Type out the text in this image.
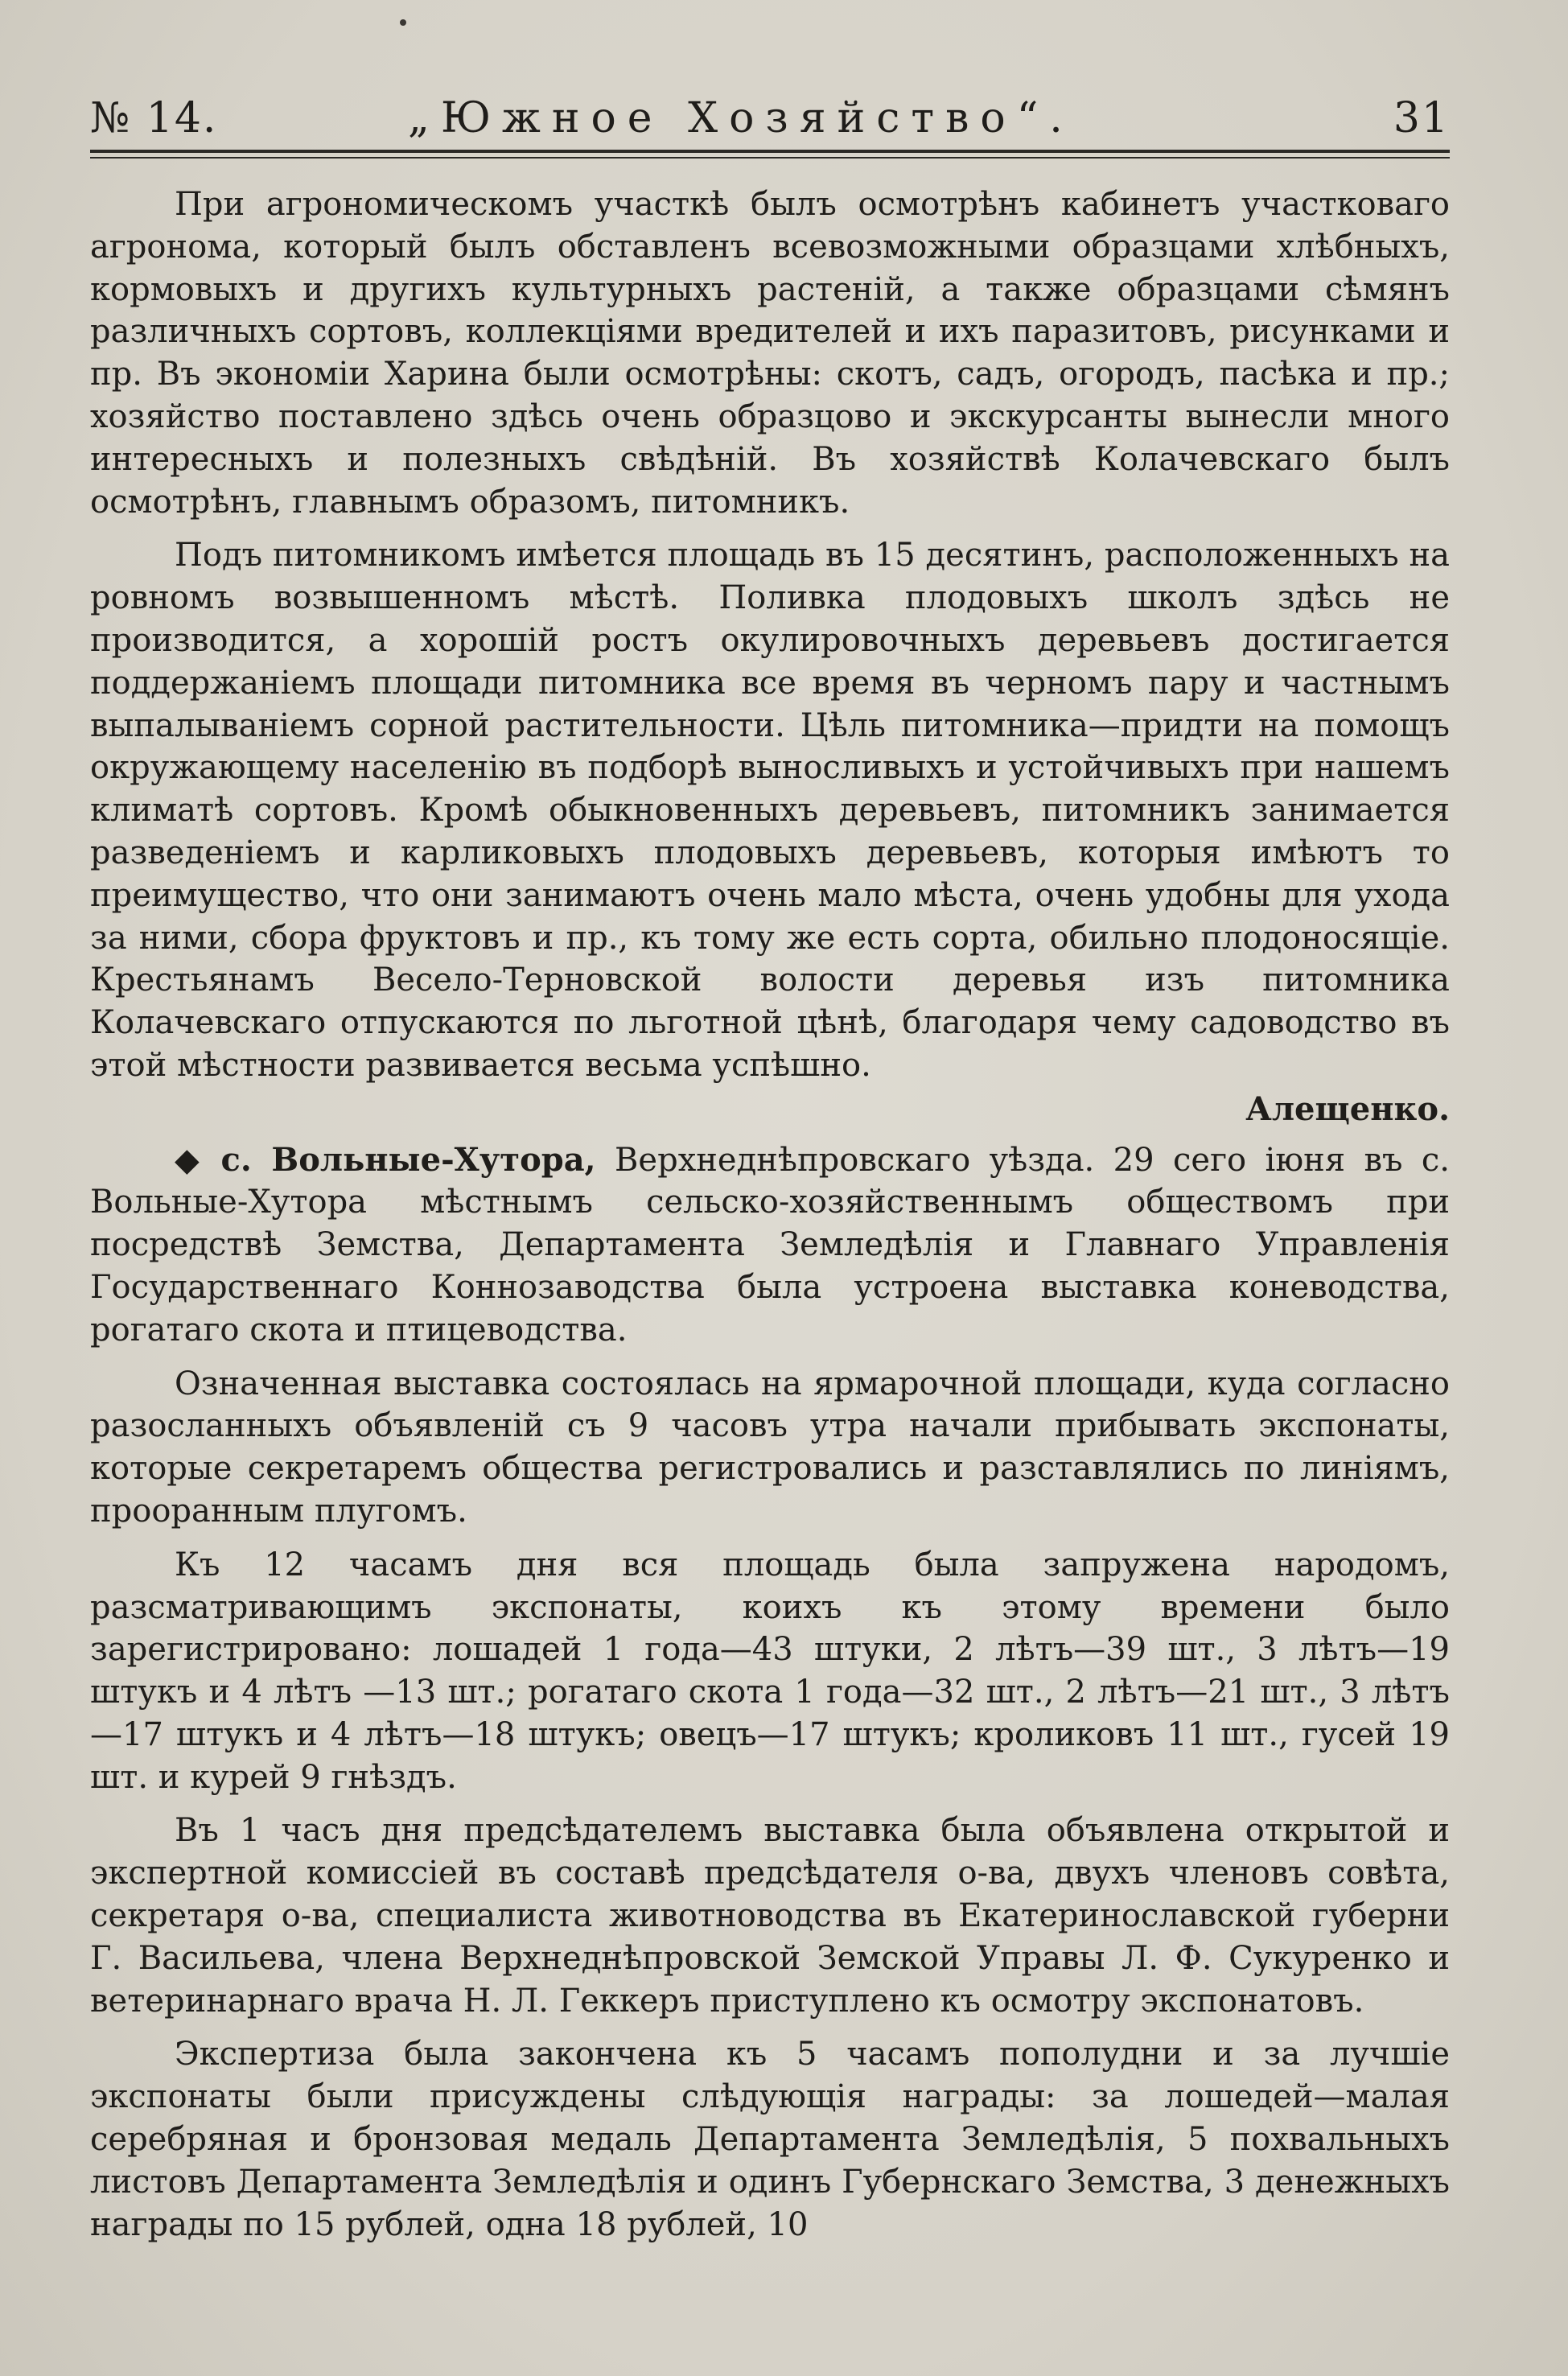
№ 14.	„Южное Хозяйство“.	31

При агрономическомъ участкѣ былъ осмотрѣнъ кабинетъ участковаго агронома, который былъ обставленъ всевозможными образцами хлѣбныхъ, кормовыхъ и другихъ культурныхъ растенiй, а также образцами сѣмянъ различныхъ сортовъ, коллекцiями вредителей и ихъ паразитовъ, рисунками и пр. Въ экономiи Харина были осмотрѣны: скотъ, садъ, огородъ, пасѣка и пр.; хозяйство поставлено здѣсь очень образцово и экскурсанты вынесли много интересныхъ и полезныхъ свѣдѣнiй. Въ хозяйствѣ Колачевскаго былъ осмотрѣнъ, главнымъ образомъ, питомникъ.

Подъ питомникомъ имѣется площадь въ 15 десятинъ, расположенныхъ на ровномъ возвышенномъ мѣстѣ. Поливка плодовыхъ школъ здѣсь не производится, а хорошiй ростъ окулировочныхъ деревьевъ достигается поддержанiемъ площади питомника все время въ черномъ пару и частнымъ выпалыванiемъ сорной растительности. Цѣль питомника—придти на помощъ окружающему населенiю въ подборѣ выносливыхъ и устойчивыхъ при нашемъ климатѣ сортовъ. Кромѣ обыкновенныхъ деревьевъ, питомникъ занимается разведенiемъ и карликовыхъ плодовыхъ деревьевъ, которыя имѣютъ то преимущество, что они занимаютъ очень мало мѣста, очень удобны для ухода за ними, сбора фруктовъ и пр., къ тому же есть сорта, обильно плодоносящiе. Крестьянамъ Весело-Терновской волости деревья изъ питомника Колачевскаго отпускаются по льготной цѣнѣ, благодаря чему садоводство въ этой мѣстности развивается весьма успѣшно.

Алещенко.

◆ с. Вольные-Хутора, Верхнеднѣпровскаго уѣзда. 29 сего iюня въ с. Вольные-Хутора мѣстнымъ сельско-хозяйственнымъ обществомъ при посредствѣ Земства, Департамента Земледѣлiя и Главнаго Управленiя Государственнаго Коннозаводства была устроена выставка коневодства, рогатаго скота и птицеводства.

Означенная выставка состоялась на ярмарочной площади, куда согласно разосланныхъ объявленiй съ 9 часовъ утра начали прибывать экспонаты, которые секретаремъ общества регистровались и разставлялись по линiямъ, прооранным плугомъ.

Къ 12 часамъ дня вся площадь была запружена народомъ, разсматривающимъ экспонаты, коихъ къ этому времени было зарегистрировано: лошадей 1 года—43 штуки, 2 лѣтъ—39 шт., 3 лѣтъ—19 штукъ и 4 лѣтъ —13 шт.; рогатаго скота 1 года—32 шт., 2 лѣтъ—21 шт., 3 лѣтъ—17 штукъ и 4 лѣтъ—18 штукъ; овецъ—17 штукъ; кроликовъ 11 шт., гусей 19 шт. и курей 9 гнѣздъ.

Въ 1 часъ дня предсѣдателемъ выставка была объявлена открытой и экспертной комиссiей въ составѣ предсѣдателя о-ва, двухъ членовъ совѣта, секретаря о-ва, специалиста животноводства въ Екатеринославской губерни Г. Васильева, члена Верхнеднѣпровской Земской Управы Л. Ф. Сукуренко и ветеринарнаго врача Н. Л. Геккеръ приступлено къ осмотру экспонатовъ.

Экспертиза была закончена къ 5 часамъ пополудни и за лучшiе экспонаты были присуждены слѣдующiя награды: за лошедей—малая серебряная и бронзовая медаль Департамента Земледѣлiя, 5 похвальныхъ листовъ Департамента Земледѣлiя и одинъ Губернскаго Земства, 3 денежныхъ награды по 15 рублей, одна 18 рублей, 10
